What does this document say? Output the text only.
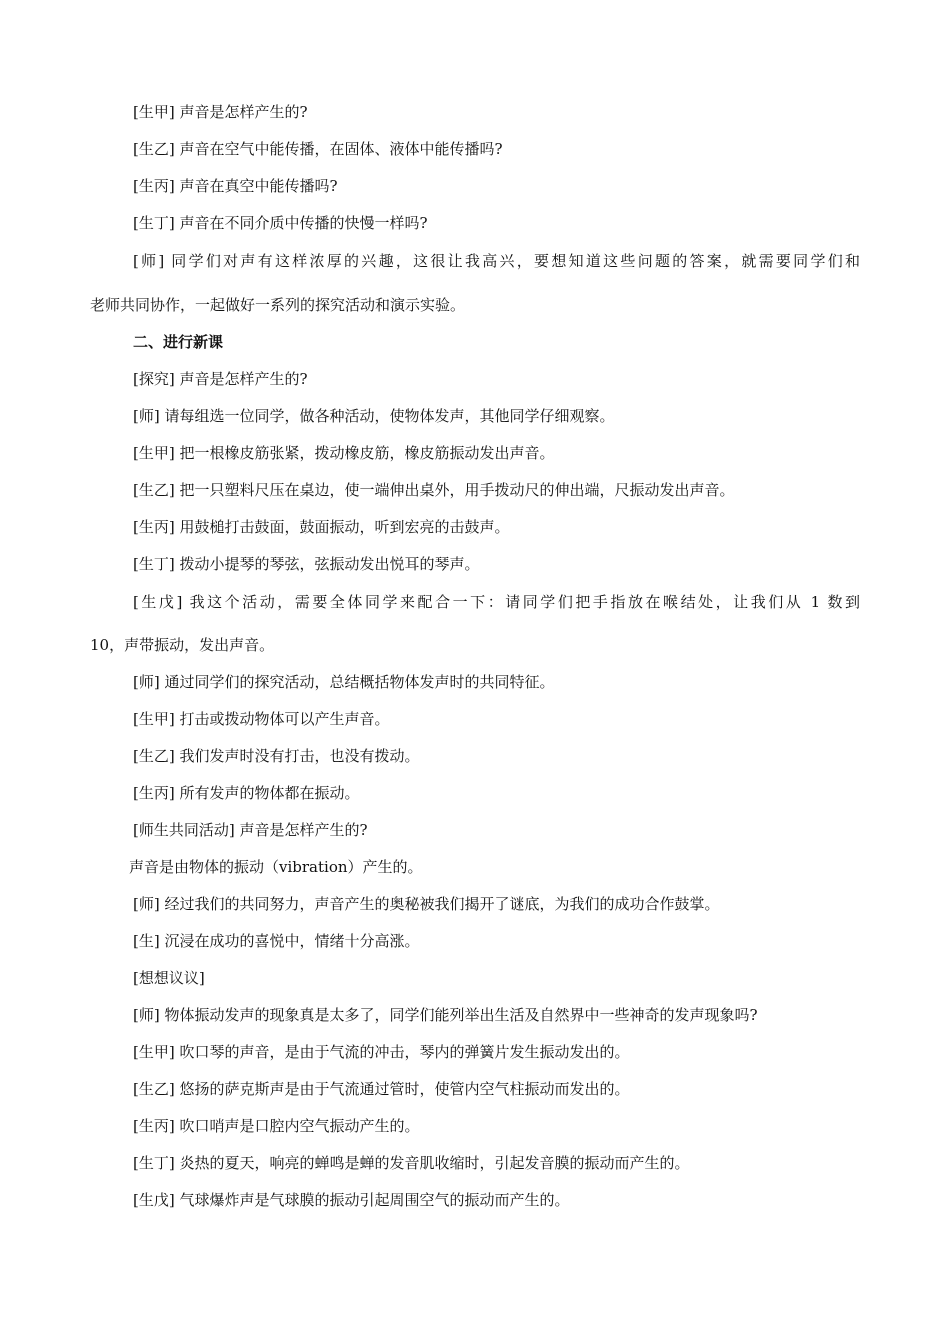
[生甲] 声音是怎样产生的?
[生乙] 声音在空气中能传播，在固体、液体中能传播吗?
[生丙] 声音在真空中能传播吗?
[生丁] 声音在不同介质中传播的快慢一样吗?
[师] 同学们对声有这样浓厚的兴趣，这很让我高兴，要想知道这些问题的答案，就需要同学们和
老师共同协作，一起做好一系列的探究活动和演示实验。
二、进行新课
[探究] 声音是怎样产生的?
[师] 请每组选一位同学，做各种活动，使物体发声，其他同学仔细观察。
[生甲] 把一根橡皮筋张紧，拨动橡皮筋，橡皮筋振动发出声音。
[生乙] 把一只塑料尺压在桌边，使一端伸出桌外，用手拨动尺的伸出端，尺振动发出声音。
[生丙] 用鼓槌打击鼓面，鼓面振动，听到宏亮的击鼓声。
[生丁] 拨动小提琴的琴弦，弦振动发出悦耳的琴声。
[生戊] 我这个活动，需要全体同学来配合一下：请同学们把手指放在喉结处，让我们从 1 数到
10，声带振动，发出声音。
[师] 通过同学们的探究活动，总结概括物体发声时的共同特征。
[生甲] 打击或拨动物体可以产生声音。
[生乙] 我们发声时没有打击，也没有拨动。
[生丙] 所有发声的物体都在振动。
[师生共同活动] 声音是怎样产生的?
声音是由物体的振动（vibration）产生的。
[师] 经过我们的共同努力，声音产生的奥秘被我们揭开了谜底，为我们的成功合作鼓掌。
[生] 沉浸在成功的喜悦中，情绪十分高涨。
[想想议议]
[师] 物体振动发声的现象真是太多了，同学们能列举出生活及自然界中一些神奇的发声现象吗?
[生甲] 吹口琴的声音，是由于气流的冲击，琴内的弹簧片发生振动发出的。
[生乙] 悠扬的萨克斯声是由于气流通过管时，使管内空气柱振动而发出的。
[生丙] 吹口哨声是口腔内空气振动产生的。
[生丁] 炎热的夏天，响亮的蝉鸣是蝉的发音肌收缩时，引起发音膜的振动而产生的。
[生戊] 气球爆炸声是气球膜的振动引起周围空气的振动而产生的。
